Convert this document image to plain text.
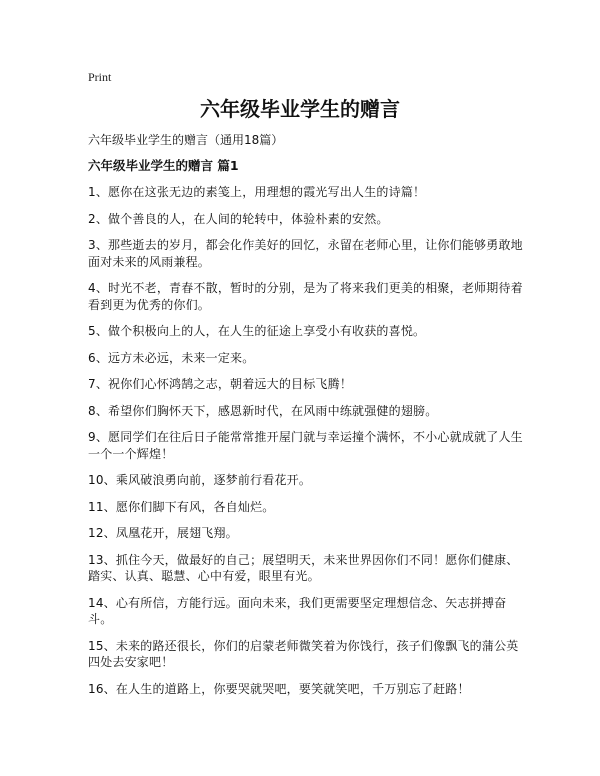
Print
六年级毕业学生的赠言

六年级毕业学生的赠言（通用18篇）

六年级毕业学生的赠言 篇1
1、愿你在这张无边的素笺上，用理想的霞光写出人生的诗篇！
2、做个善良的人，在人间的轮转中，体验朴素的安然。
3、那些逝去的岁月，都会化作美好的回忆，永留在老师心里，让你们能够勇敢地面对未来的风雨兼程。
4、时光不老，青春不散，暂时的分别，是为了将来我们更美的相聚，老师期待着看到更为优秀的你们。
5、做个积极向上的人，在人生的征途上享受小有收获的喜悦。
6、远方未必远，未来一定来。
7、祝你们心怀鸿鹄之志，朝着远大的目标飞腾！
8、希望你们胸怀天下，感恩新时代，在风雨中练就强健的翅膀。
9、愿同学们在往后日子能常常推开屋门就与幸运撞个满怀，不小心就成就了人生一个一个辉煌！
10、乘风破浪勇向前，逐梦前行看花开。
11、愿你们脚下有风，各自灿烂。
12、凤凰花开，展翅飞翔。
13、抓住今天，做最好的自己；展望明天，未来世界因你们不同！愿你们健康、踏实、认真、聪慧、心中有爱，眼里有光。
14、心有所信，方能行远。面向未来，我们更需要坚定理想信念、矢志拼搏奋斗。
15、未来的路还很长，你们的启蒙老师微笑着为你饯行，孩子们像飘飞的蒲公英四处去安家吧！
16、在人生的道路上，你要哭就哭吧，要笑就笑吧，千万别忘了赶路！
